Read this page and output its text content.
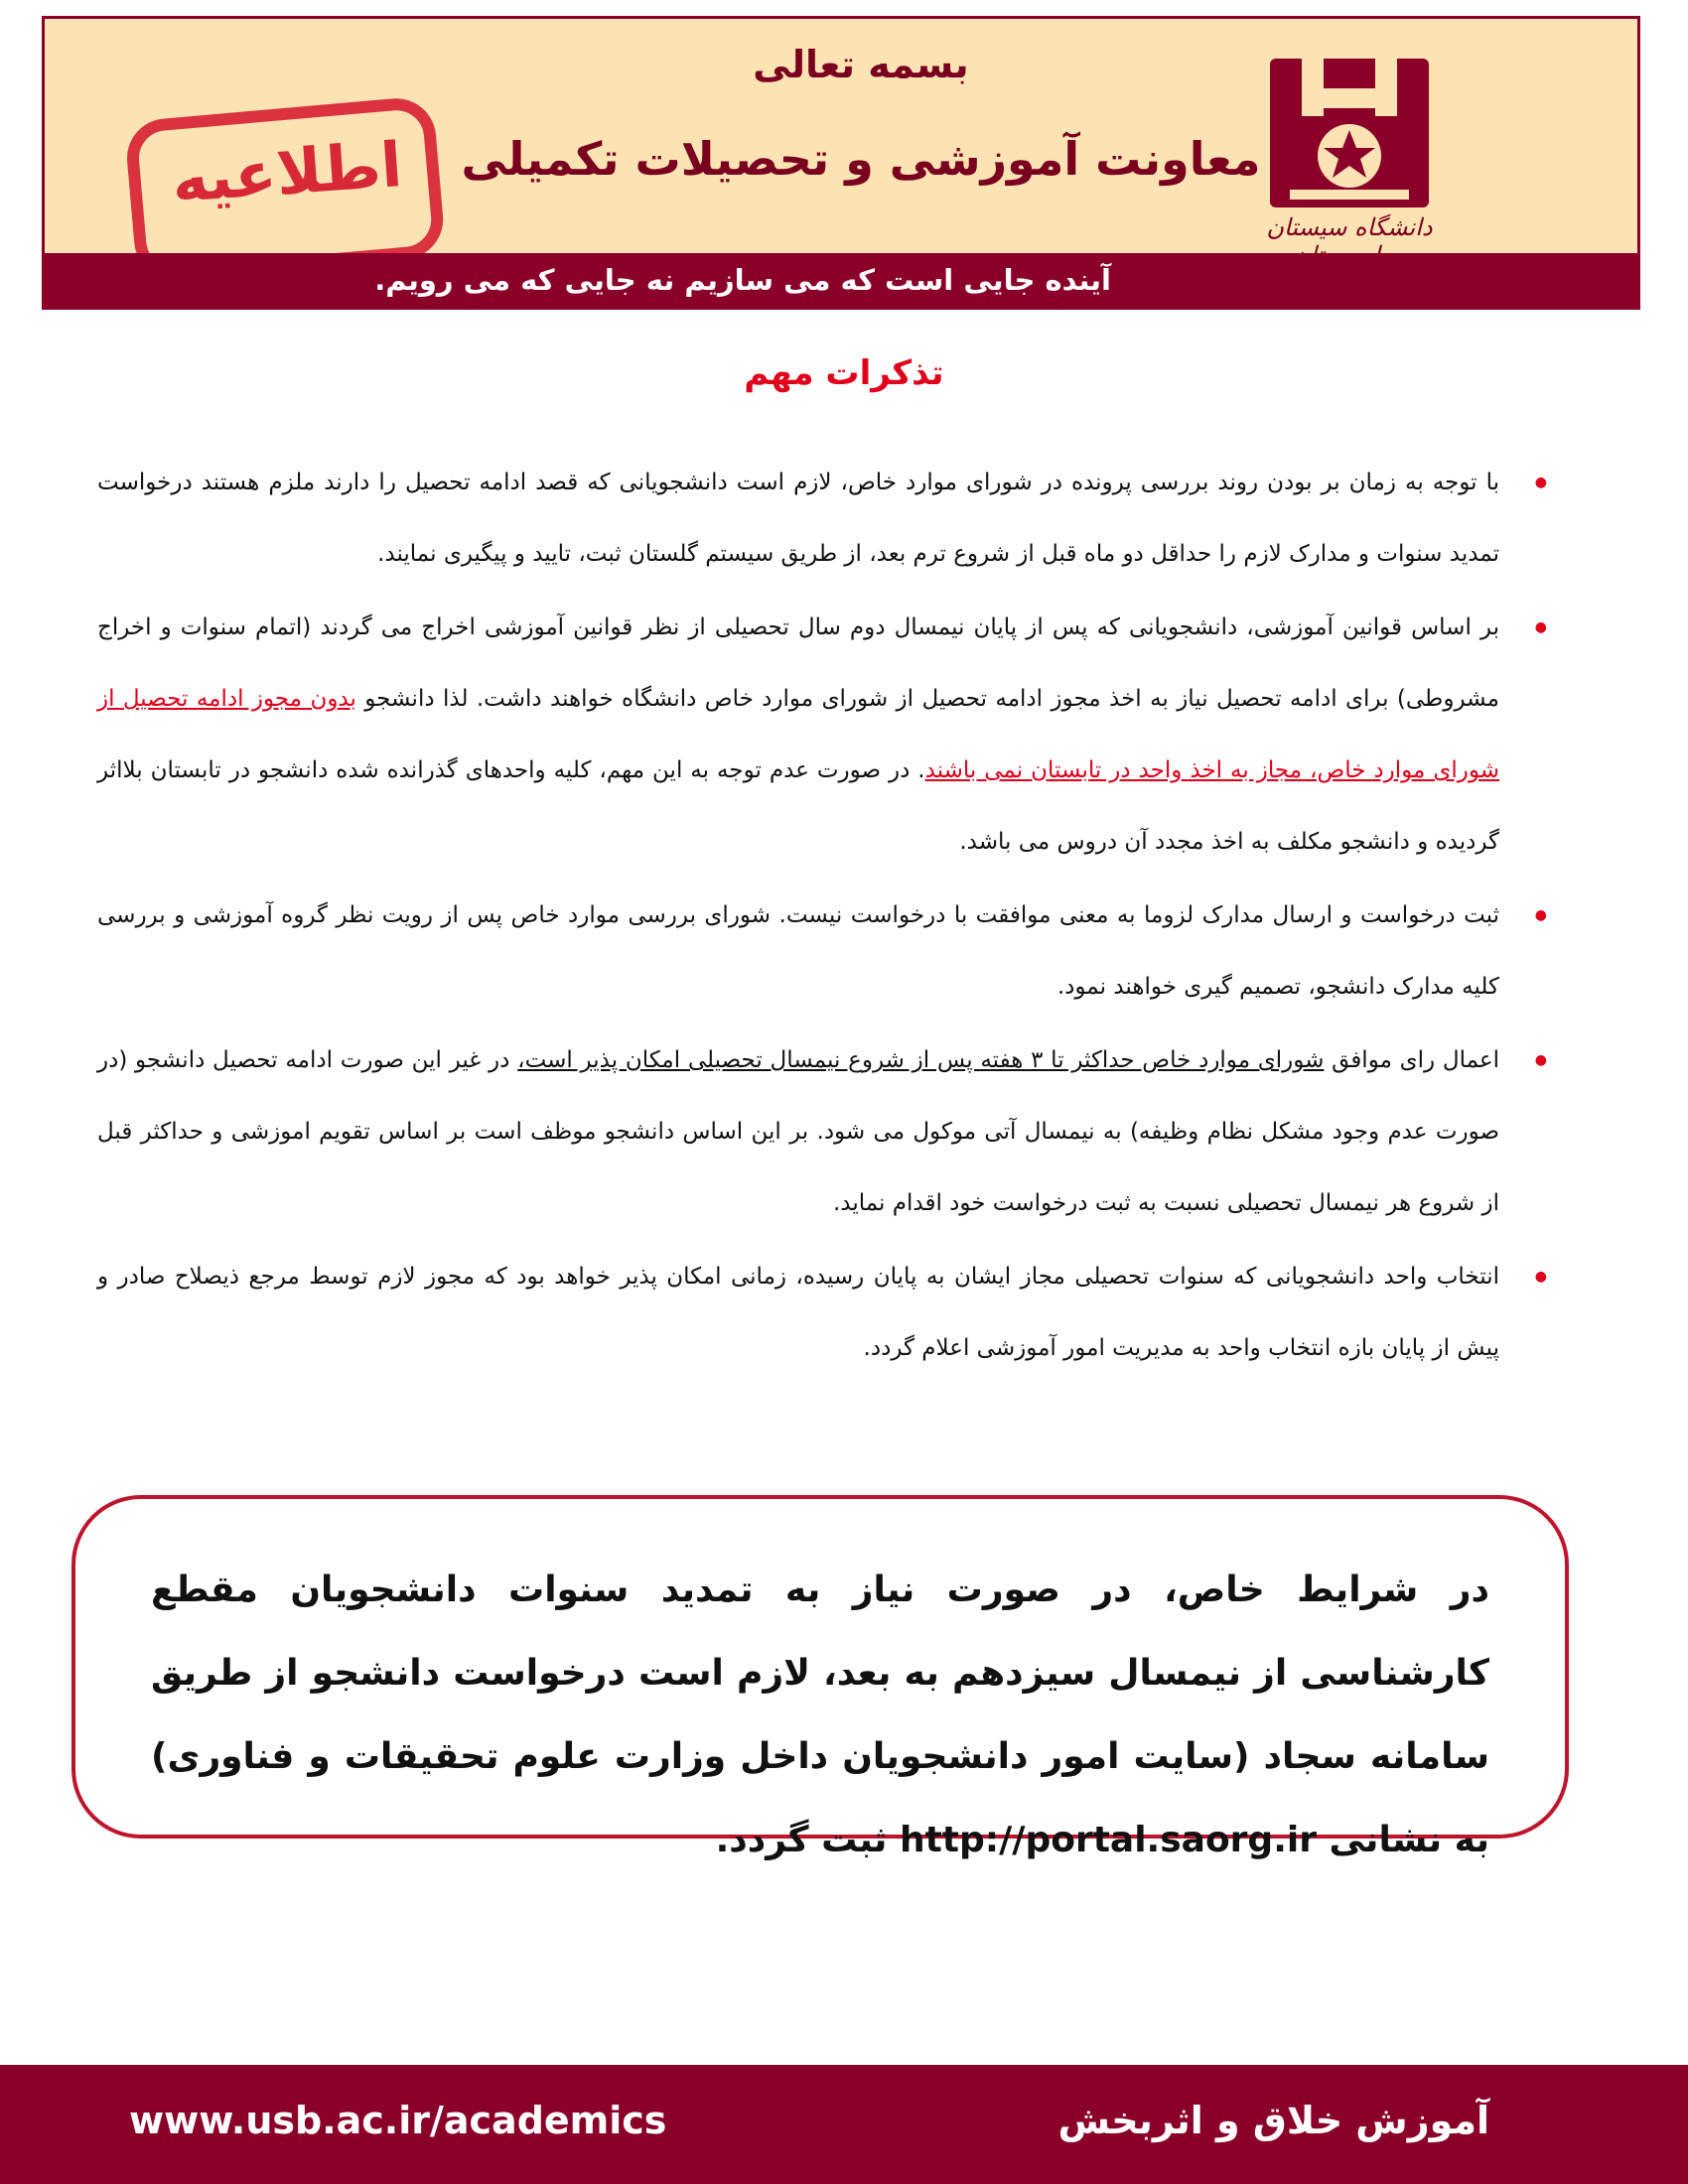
بسمه تعالی
معاونت آموزشی و تحصیلات تکمیلی
دانشگاه سیستان
اطلاعیه
آینده جایی است که می سازیم نه جایی که می رویم.
تذکرات مهم
● با توجه به زمان بر بودن روند بررسی پرونده در شورای موارد خاص، لازم است دانشجویانی که قصد ادامه تحصیل را دارند ملزم هستند درخواست تمدید سنوات و مدارک لازم را حداقل دو ماه قبل از شروع ترم بعد، از طریق سیستم گلستان ثبت، تایید و پیگیری نمایند.
● بر اساس قوانین آموزشی، دانشجویانی که پس از پایان نیمسال دوم سال تحصیلی از نظر قوانین آموزشی اخراج می گردند (اتمام سنوات و اخراج مشروطی) برای ادامه تحصیل نیاز به اخذ مجوز ادامه تحصیل از شورای موارد خاص دانشگاه خواهند داشت. لذا دانشجو بدون مجوز ادامه تحصیل از شورای موارد خاص، مجاز به اخذ واحد در تابستان نمی باشند. در صورت عدم توجه به این مهم، کلیه واحدهای گذرانده شده دانشجو در تابستان بلااثر گردیده و دانشجو مکلف به اخذ مجدد آن دروس می باشد.
● ثبت درخواست و ارسال مدارک لزوما به معنی موافقت با درخواست نیست. شورای بررسی موارد خاص پس از رویت نظر گروه آموزشی و بررسی کلیه مدارک دانشجو، تصمیم گیری خواهند نمود.
● اعمال رای موافق شورای موارد خاص حداکثر تا ۳ هفته پس از شروع نیمسال تحصیلی امکان پذیر است، در غیر این صورت ادامه تحصیل دانشجو (در صورت عدم وجود مشکل نظام وظیفه) به نیمسال آتی موکول می شود. بر این اساس دانشجو موظف است بر اساس تقویم اموزشی و حداکثر قبل از شروع هر نیمسال تحصیلی نسبت به ثبت درخواست خود اقدام نماید.
● انتخاب واحد دانشجویانی که سنوات تحصیلی مجاز ایشان به پایان رسیده، زمانی امکان پذیر خواهد بود که مجوز لازم توسط مرجع ذیصلاح صادر و پیش از پایان بازه انتخاب واحد به مدیریت امور آموزشی اعلام گردد.
در شرایط خاص، در صورت نیاز به تمدید سنوات دانشجویان مقطع کارشناسی از نیمسال سیزدهم به بعد، لازم است درخواست دانشجو از طریق سامانه سجاد (سایت امور دانشجویان داخل وزارت علوم تحقیقات و فناوری) به نشانی http://portal.saorg.ir ثبت گردد.
www.usb.ac.ir/academics	آموزش خلاق و اثربخش
